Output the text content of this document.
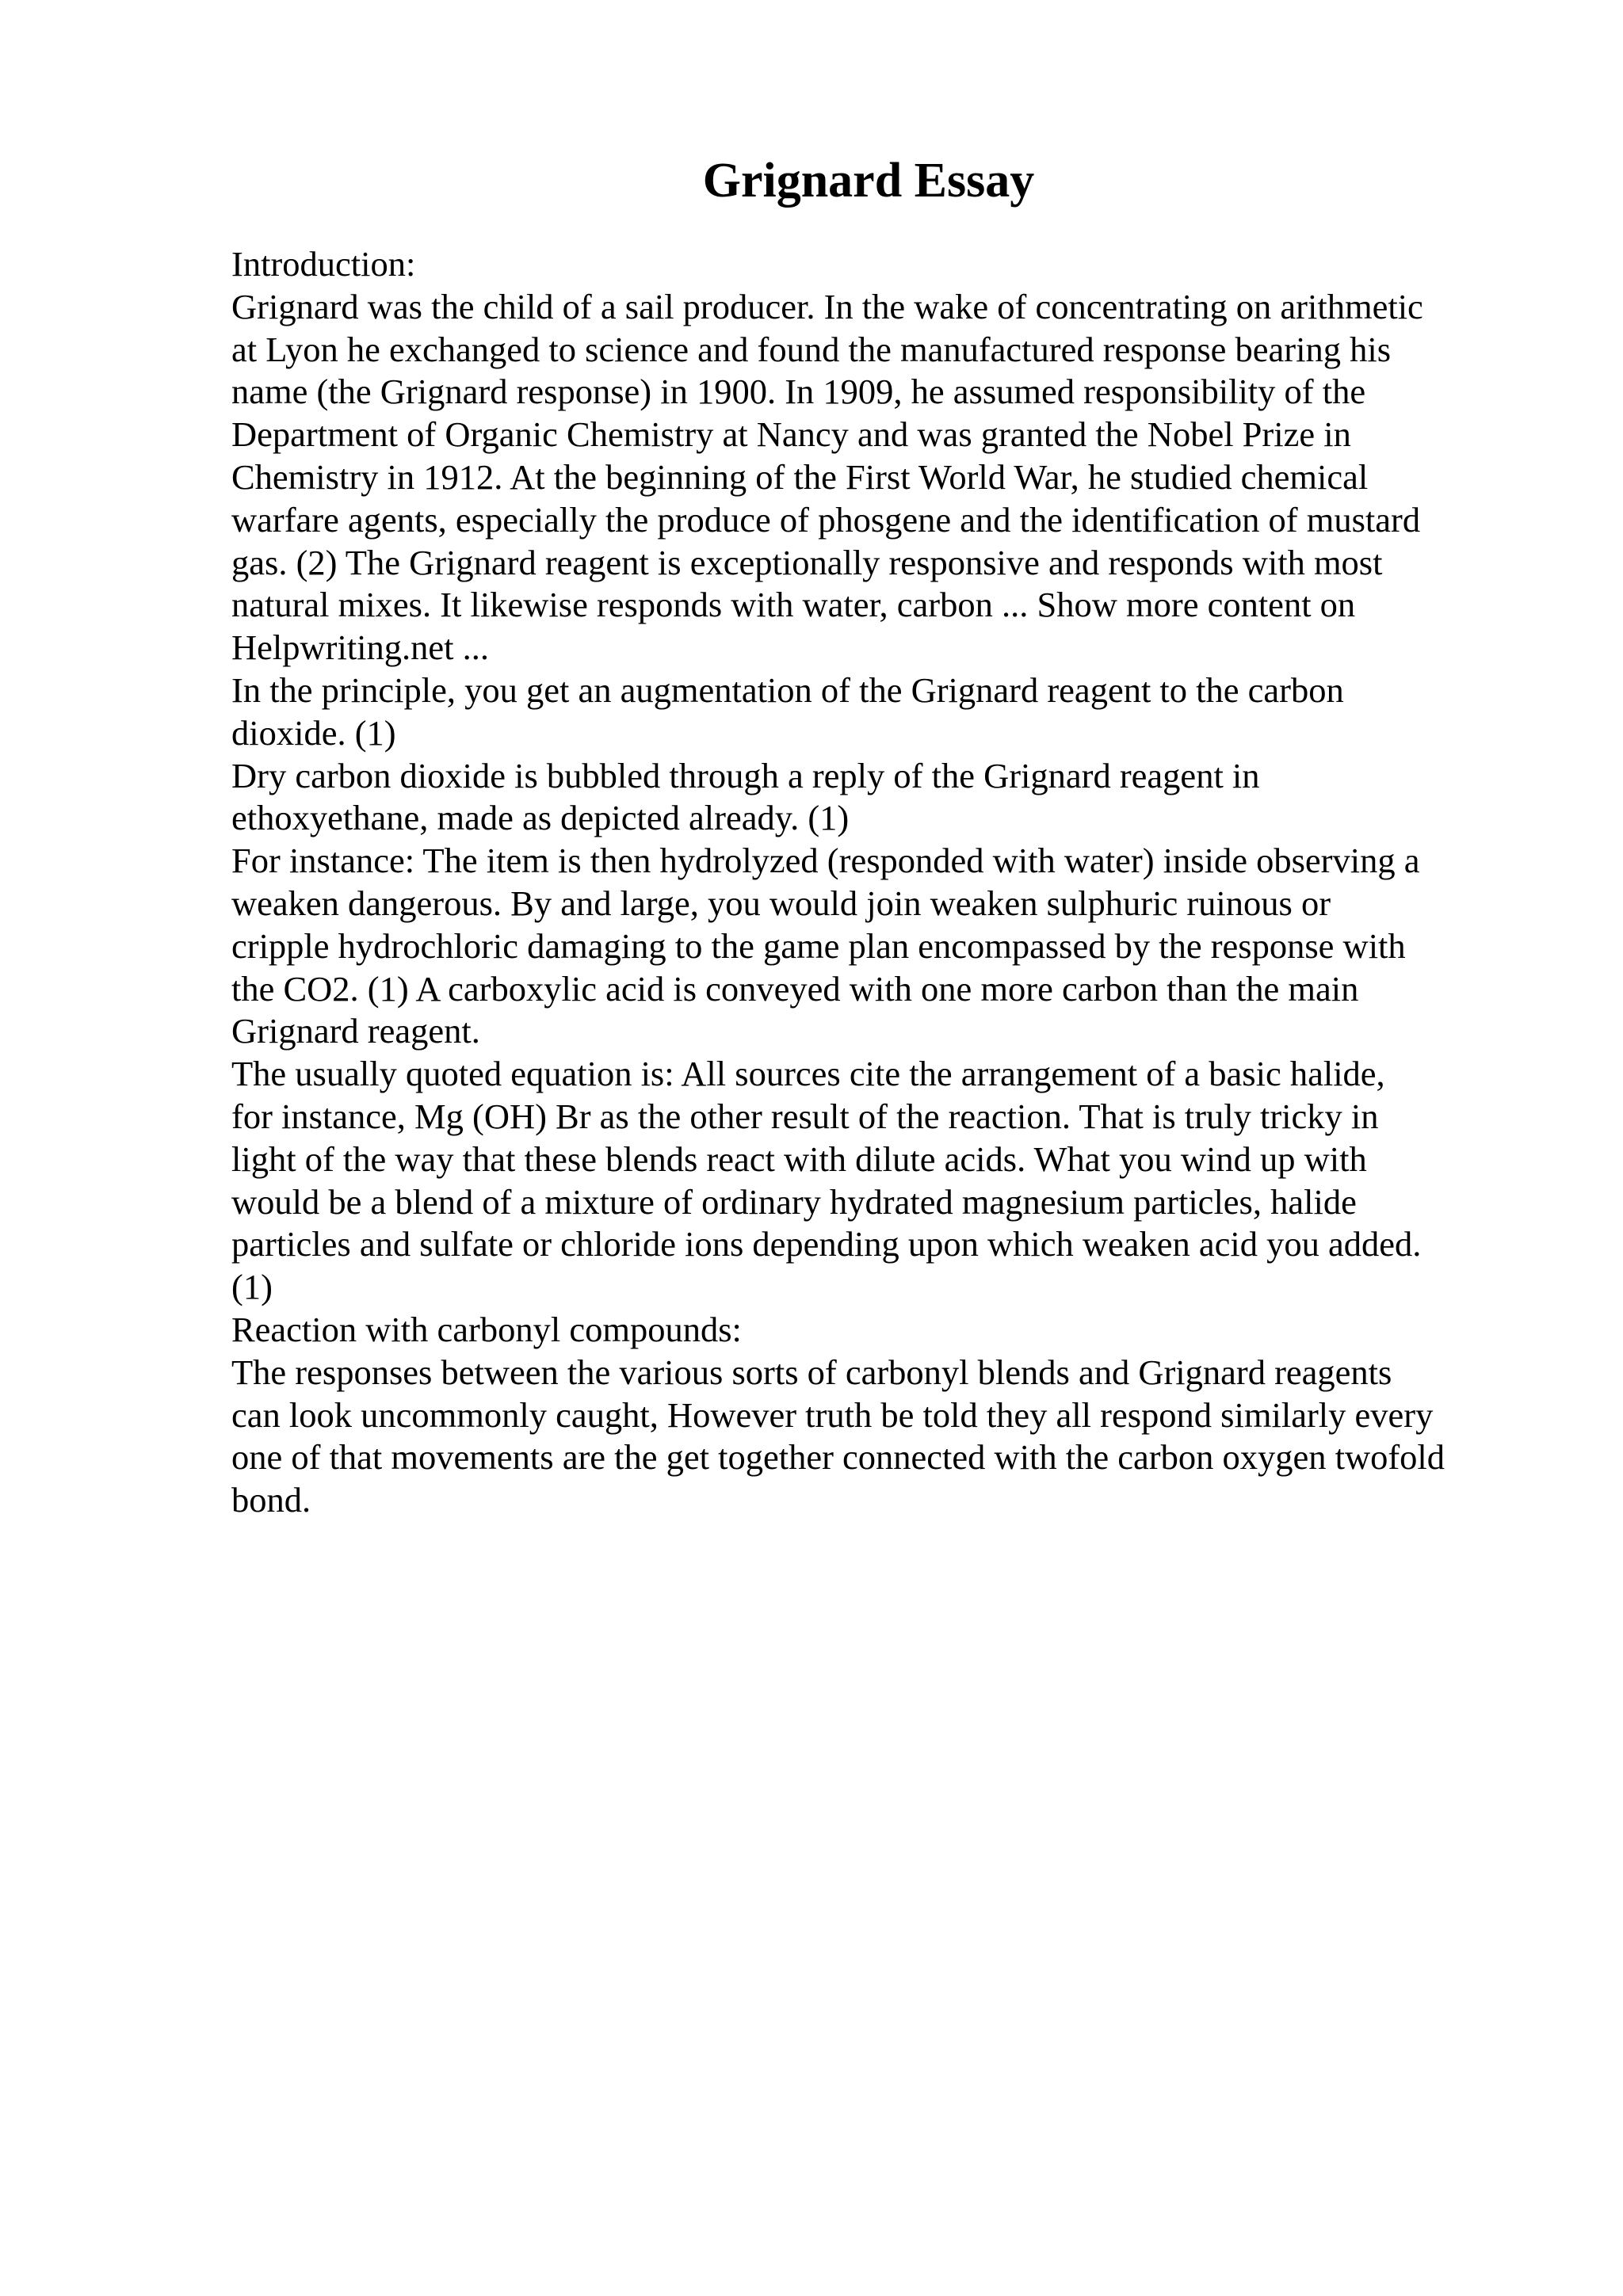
Grignard Essay
Introduction:
Grignard was the child of a sail producer. In the wake of concentrating on arithmetic
at Lyon he exchanged to science and found the manufactured response bearing his
name (the Grignard response) in 1900. In 1909, he assumed responsibility of the
Department of Organic Chemistry at Nancy and was granted the Nobel Prize in
Chemistry in 1912. At the beginning of the First World War, he studied chemical
warfare agents, especially the produce of phosgene and the identification of mustard
gas. (2) The Grignard reagent is exceptionally responsive and responds with most
natural mixes. It likewise responds with water, carbon ... Show more content on
Helpwriting.net ...
In the principle, you get an augmentation of the Grignard reagent to the carbon
dioxide. (1)
Dry carbon dioxide is bubbled through a reply of the Grignard reagent in
ethoxyethane, made as depicted already. (1)
For instance: The item is then hydrolyzed (responded with water) inside observing a
weaken dangerous. By and large, you would join weaken sulphuric ruinous or
cripple hydrochloric damaging to the game plan encompassed by the response with
the CO2. (1) A carboxylic acid is conveyed with one more carbon than the main
Grignard reagent.
The usually quoted equation is: All sources cite the arrangement of a basic halide,
for instance, Mg (OH) Br as the other result of the reaction. That is truly tricky in
light of the way that these blends react with dilute acids. What you wind up with
would be a blend of a mixture of ordinary hydrated magnesium particles, halide
particles and sulfate or chloride ions depending upon which weaken acid you added.
(1)
Reaction with carbonyl compounds:
The responses between the various sorts of carbonyl blends and Grignard reagents
can look uncommonly caught, However truth be told they all respond similarly every
one of that movements are the get together connected with the carbon oxygen twofold
bond.
